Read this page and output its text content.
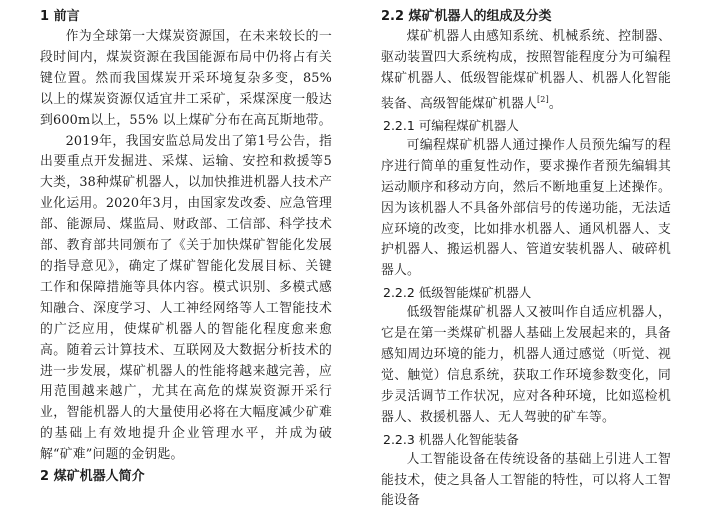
1 前言

作为全球第一大煤炭资源国，在未来较长的一段时间内，煤炭资源在我国能源布局中仍将占有关键位置。然而我国煤炭开采环境复杂多变，85% 以上的煤炭资源仅适宜井工采矿，采煤深度一般达到600m以上，55% 以上煤矿分布在高瓦斯地带。

2019年，我国安监总局发出了第1号公告，指出要重点开发掘进、采煤、运输、安控和救援等5大类，38种煤矿机器人，以加快推进机器人技术产业化运用。2020年3月，由国家发改委、应急管理部、能源局、煤监局、财政部、工信部、科学技术部、教育部共同颁布了《关于加快煤矿智能化发展的指导意见》，确定了煤矿智能化发展目标、关键工作和保障措施等具体内容。模式识别、多模式感知融合、深度学习、人工神经网络等人工智能技术的广泛应用，使煤矿机器人的智能化程度愈来愈高。随着云计算技术、互联网及大数据分析技术的进一步发展，煤矿机器人的性能将越来越完善，应用范围越来越广，尤其在高危的煤炭资源开采行业，智能机器人的大量使用必将在大幅度减少矿难的基础上有效地提升企业管理水平，并成为破解“矿难”问题的金钥匙。

2 煤矿机器人简介

2.2 煤矿机器人的组成及分类

煤矿机器人由感知系统、机械系统、控制器、驱动装置四大系统构成，按照智能程度分为可编程煤矿机器人、低级智能煤矿机器人、机器人化智能装备、高级智能煤矿机器人[2]。

2.2.1 可编程煤矿机器人

可编程煤矿机器人通过操作人员预先编写的程序进行简单的重复性动作，要求操作者预先编辑其运动顺序和移动方向，然后不断地重复上述操作。因为该机器人不具备外部信号的传递功能，无法适应环境的改变，比如排水机器人、通风机器人、支护机器人、搬运机器人、管道安装机器人、破碎机器人。

2.2.2 低级智能煤矿机器人

低级智能煤矿机器人又被叫作自适应机器人，它是在第一类煤矿机器人基础上发展起来的，具备感知周边环境的能力，机器人通过感觉（听觉、视觉、触觉）信息系统，获取工作环境参数变化，同步灵活调节工作状况，应对各种环境，比如巡检机器人、救援机器人、无人驾驶的矿车等。

2.2.3 机器人化智能装备

人工智能设备在传统设备的基础上引进人工智能技术，使之具备人工智能的特性，可以将人工智能设备
